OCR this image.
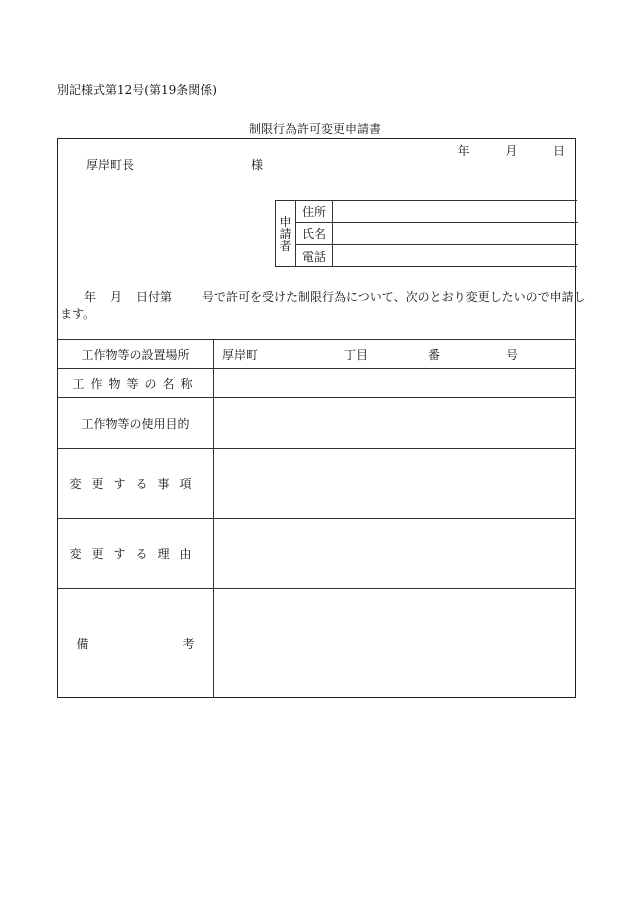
別記様式第12号(第19条関係)
制限行為許可変更申請書
年	月	日
厚岸町長	様
申
請
者
住所
氏名
電話
年 月 日付第	号で許可を受けた制限行為について、次のとおり変更したいので申請し
ます。
工作物等の設置場所	厚岸町	丁目	番	号
工作物等の名称
工作物等の使用目的
変更する事項
変更する理由
備	考
